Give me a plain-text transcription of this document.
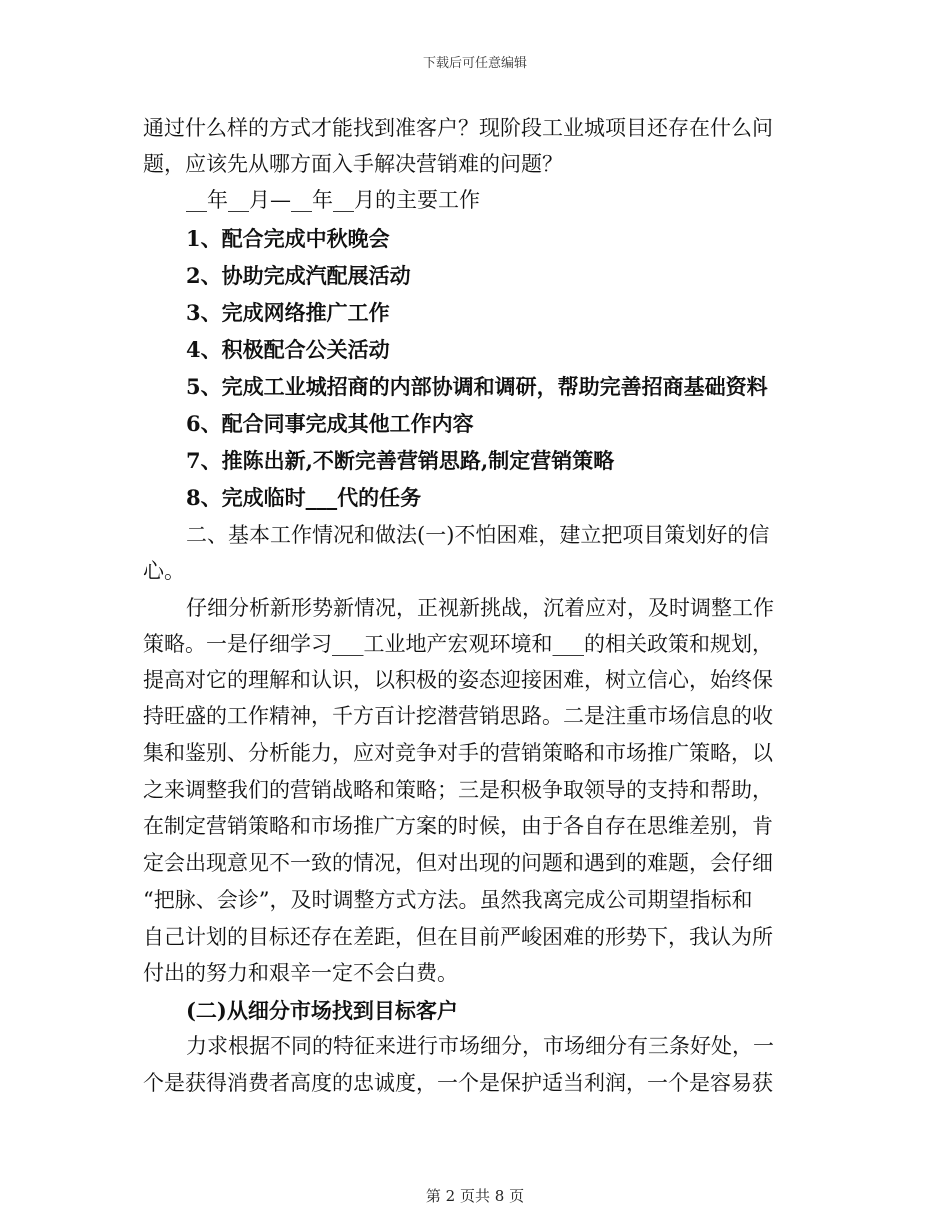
下载后可任意编辑
通过什么样的方式才能找到准客户？现阶段工业城项目还存在什么问
题，应该先从哪方面入手解决营销难的问题？
__年__月—__年__月的主要工作
1、配合完成中秋晚会
2、协助完成汽配展活动
3、完成网络推广工作
4、积极配合公关活动
5、完成工业城招商的内部协调和调研，帮助完善招商基础资料
6、配合同事完成其他工作内容
7、推陈出新,不断完善营销思路,制定营销策略
8、完成临时___代的任务
二、基本工作情况和做法(一)不怕困难，建立把项目策划好的信
心。
仔细分析新形势新情况，正视新挑战，沉着应对，及时调整工作
策略。一是仔细学习___工业地产宏观环境和___的相关政策和规划，
提高对它的理解和认识，以积极的姿态迎接困难，树立信心，始终保
持旺盛的工作精神，千方百计挖潜营销思路。二是注重市场信息的收
集和鉴别、分析能力，应对竞争对手的营销策略和市场推广策略，以
之来调整我们的营销战略和策略；三是积极争取领导的支持和帮助，
在制定营销策略和市场推广方案的时候，由于各自存在思维差别，肯
定会出现意见不一致的情况，但对出现的问题和遇到的难题，会仔细
“把脉、会诊”，及时调整方式方法。虽然我离完成公司期望指标和
自己计划的目标还存在差距，但在目前严峻困难的形势下，我认为所
付出的努力和艰辛一定不会白费。
(二)从细分市场找到目标客户
力求根据不同的特征来进行市场细分，市场细分有三条好处，一
个是获得消费者高度的忠诚度，一个是保护适当利润，一个是容易获
第 2 页共 8 页
